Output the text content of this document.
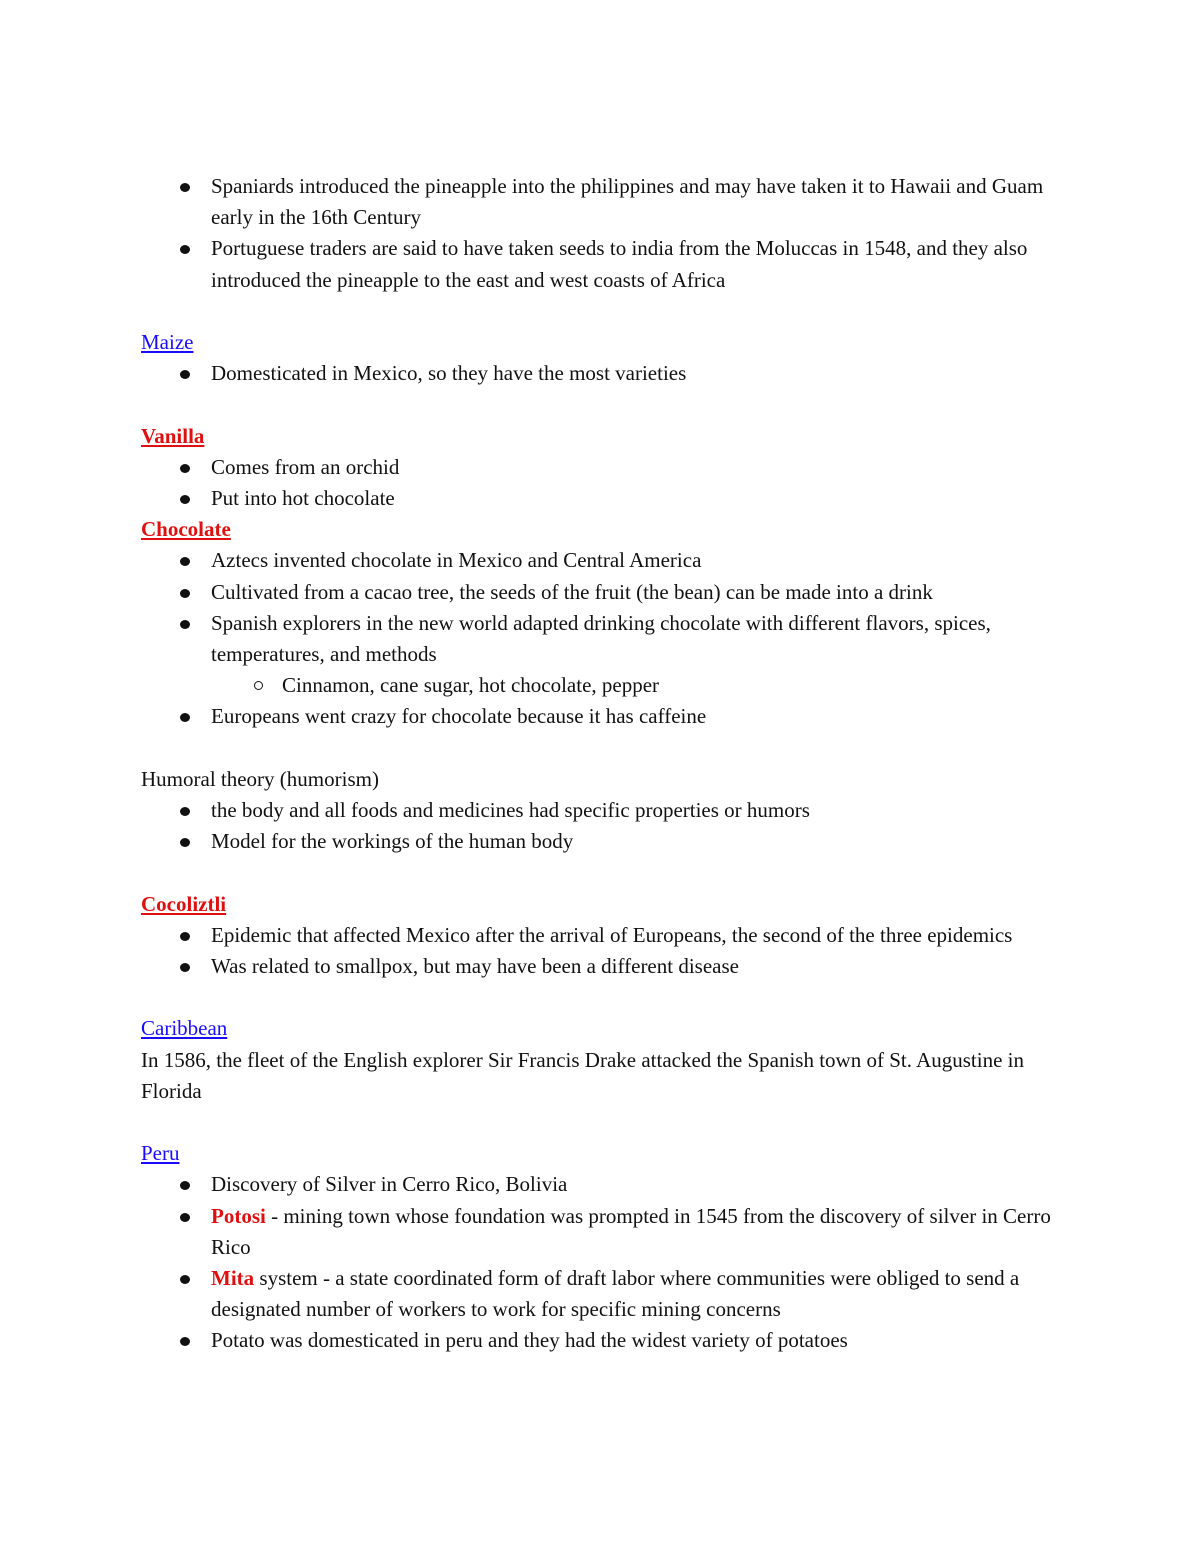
Spaniards introduced the pineapple into the philippines and may have taken it to Hawaii and Guam early in the 16th Century
Portuguese traders are said to have taken seeds to india from the Moluccas in 1548, and they also introduced the pineapple to the east and west coasts of Africa

Maize

Domesticated in Mexico, so they have the most varieties

Vanilla

Comes from an orchid
Put into hot chocolate

Chocolate

Aztecs invented chocolate in Mexico and Central America
Cultivated from a cacao tree, the seeds of the fruit (the bean) can be made into a drink
Spanish explorers in the new world adapted drinking chocolate with different flavors, spices, temperatures, and methods
Cinnamon, cane sugar, hot chocolate, pepper
Europeans went crazy for chocolate because it has caffeine

Humoral theory (humorism)

the body and all foods and medicines had specific properties or humors
Model for the workings of the human body

Cocoliztli

Epidemic that affected Mexico after the arrival of Europeans, the second of the three epidemics
Was related to smallpox, but may have been a different disease

Caribbean

In 1586, the fleet of the English explorer Sir Francis Drake attacked the Spanish town of St. Augustine in Florida

Peru

Discovery of Silver in Cerro Rico, Bolivia
Potosi - mining town whose foundation was prompted in 1545 from the discovery of silver in Cerro Rico
Mita system - a state coordinated form of draft labor where communities were obliged to send a designated number of workers to work for specific mining concerns
Potato was domesticated in peru and they had the widest variety of potatoes
